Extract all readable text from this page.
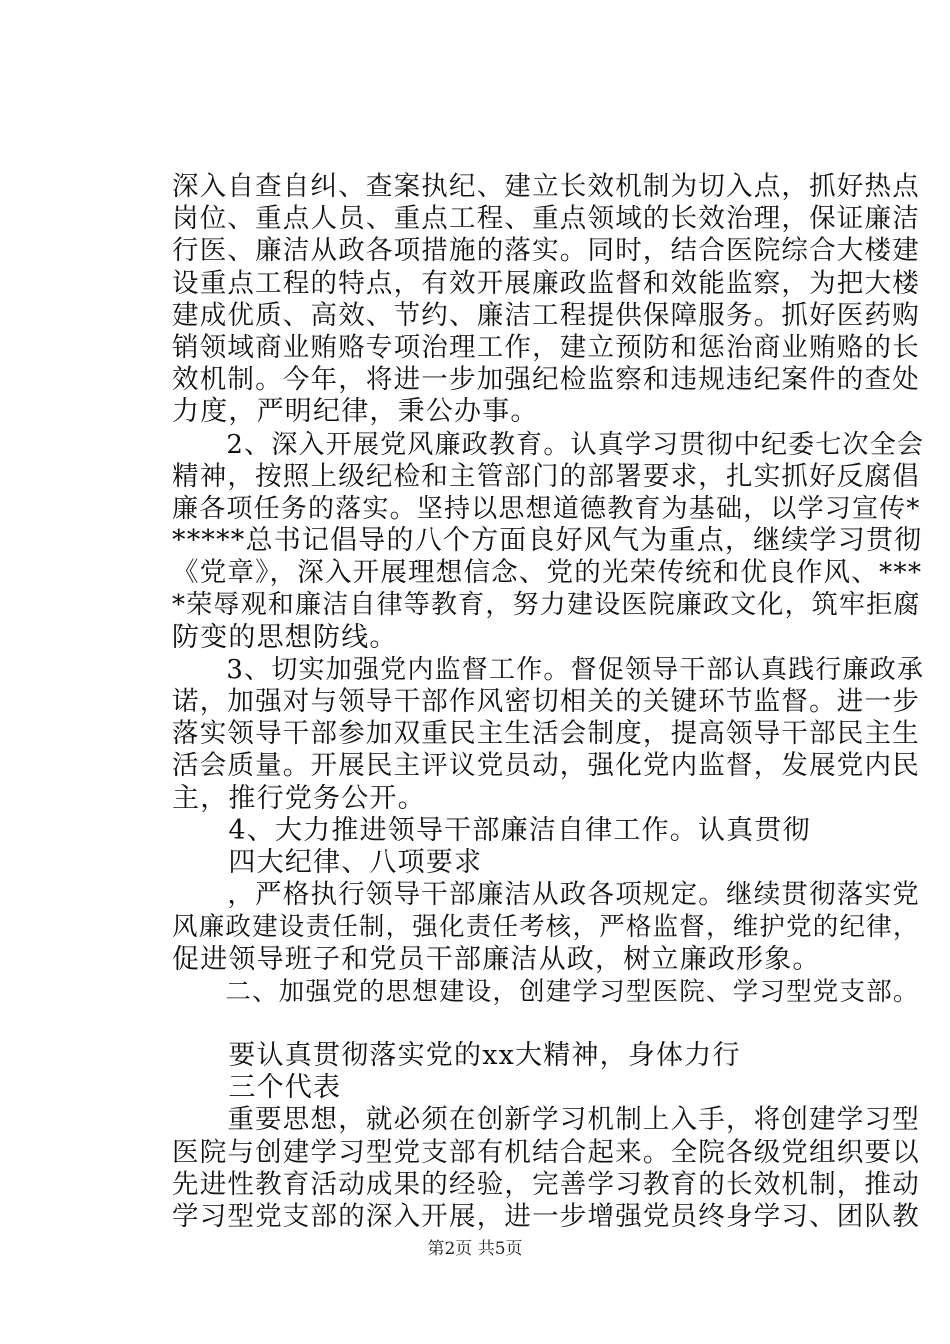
深入自查自纠、查案执纪、建立长效机制为切入点，抓好热点
岗位、重点人员、重点工程、重点领域的长效治理，保证廉洁
行医、廉洁从政各项措施的落实。同时，结合医院综合大楼建
设重点工程的特点，有效开展廉政监督和效能监察，为把大楼
建成优质、高效、节约、廉洁工程提供保障服务。抓好医药购
销领域商业贿赂专项治理工作，建立预防和惩治商业贿赂的长
效机制。今年，将进一步加强纪检监察和违规违纪案件的查处
力度，严明纪律，秉公办事。
　　2、深入开展党风廉政教育。认真学习贯彻中纪委七次全会
精神，按照上级纪检和主管部门的部署要求，扎实抓好反腐倡
廉各项任务的落实。坚持以思想道德教育为基础，以学习宣传*
*****总书记倡导的八个方面良好风气为重点，继续学习贯彻
《党章》，深入开展理想信念、党的光荣传统和优良作风、***
*荣辱观和廉洁自律等教育，努力建设医院廉政文化，筑牢拒腐
防变的思想防线。
　　3、切实加强党内监督工作。督促领导干部认真践行廉政承
诺，加强对与领导干部作风密切相关的关键环节监督。进一步
落实领导干部参加双重民主生活会制度，提高领导干部民主生
活会质量。开展民主评议党员动，强化党内监督，发展党内民
主，推行党务公开。
　　4、大力推进领导干部廉洁自律工作。认真贯彻
　　四大纪律、八项要求
　　，严格执行领导干部廉洁从政各项规定。继续贯彻落实党
风廉政建设责任制，强化责任考核，严格监督，维护党的纪律，
促进领导班子和党员干部廉洁从政，树立廉政形象。
　　二、加强党的思想建设，创建学习型医院、学习型党支部。
　　要认真贯彻落实党的xx大精神，身体力行
　　三个代表
　　重要思想，就必须在创新学习机制上入手，将创建学习型
医院与创建学习型党支部有机结合起来。全院各级党组织要以
先进性教育活动成果的经验，完善学习教育的长效机制，推动
学习型党支部的深入开展，进一步增强党员终身学习、团队教
第2页 共5页
